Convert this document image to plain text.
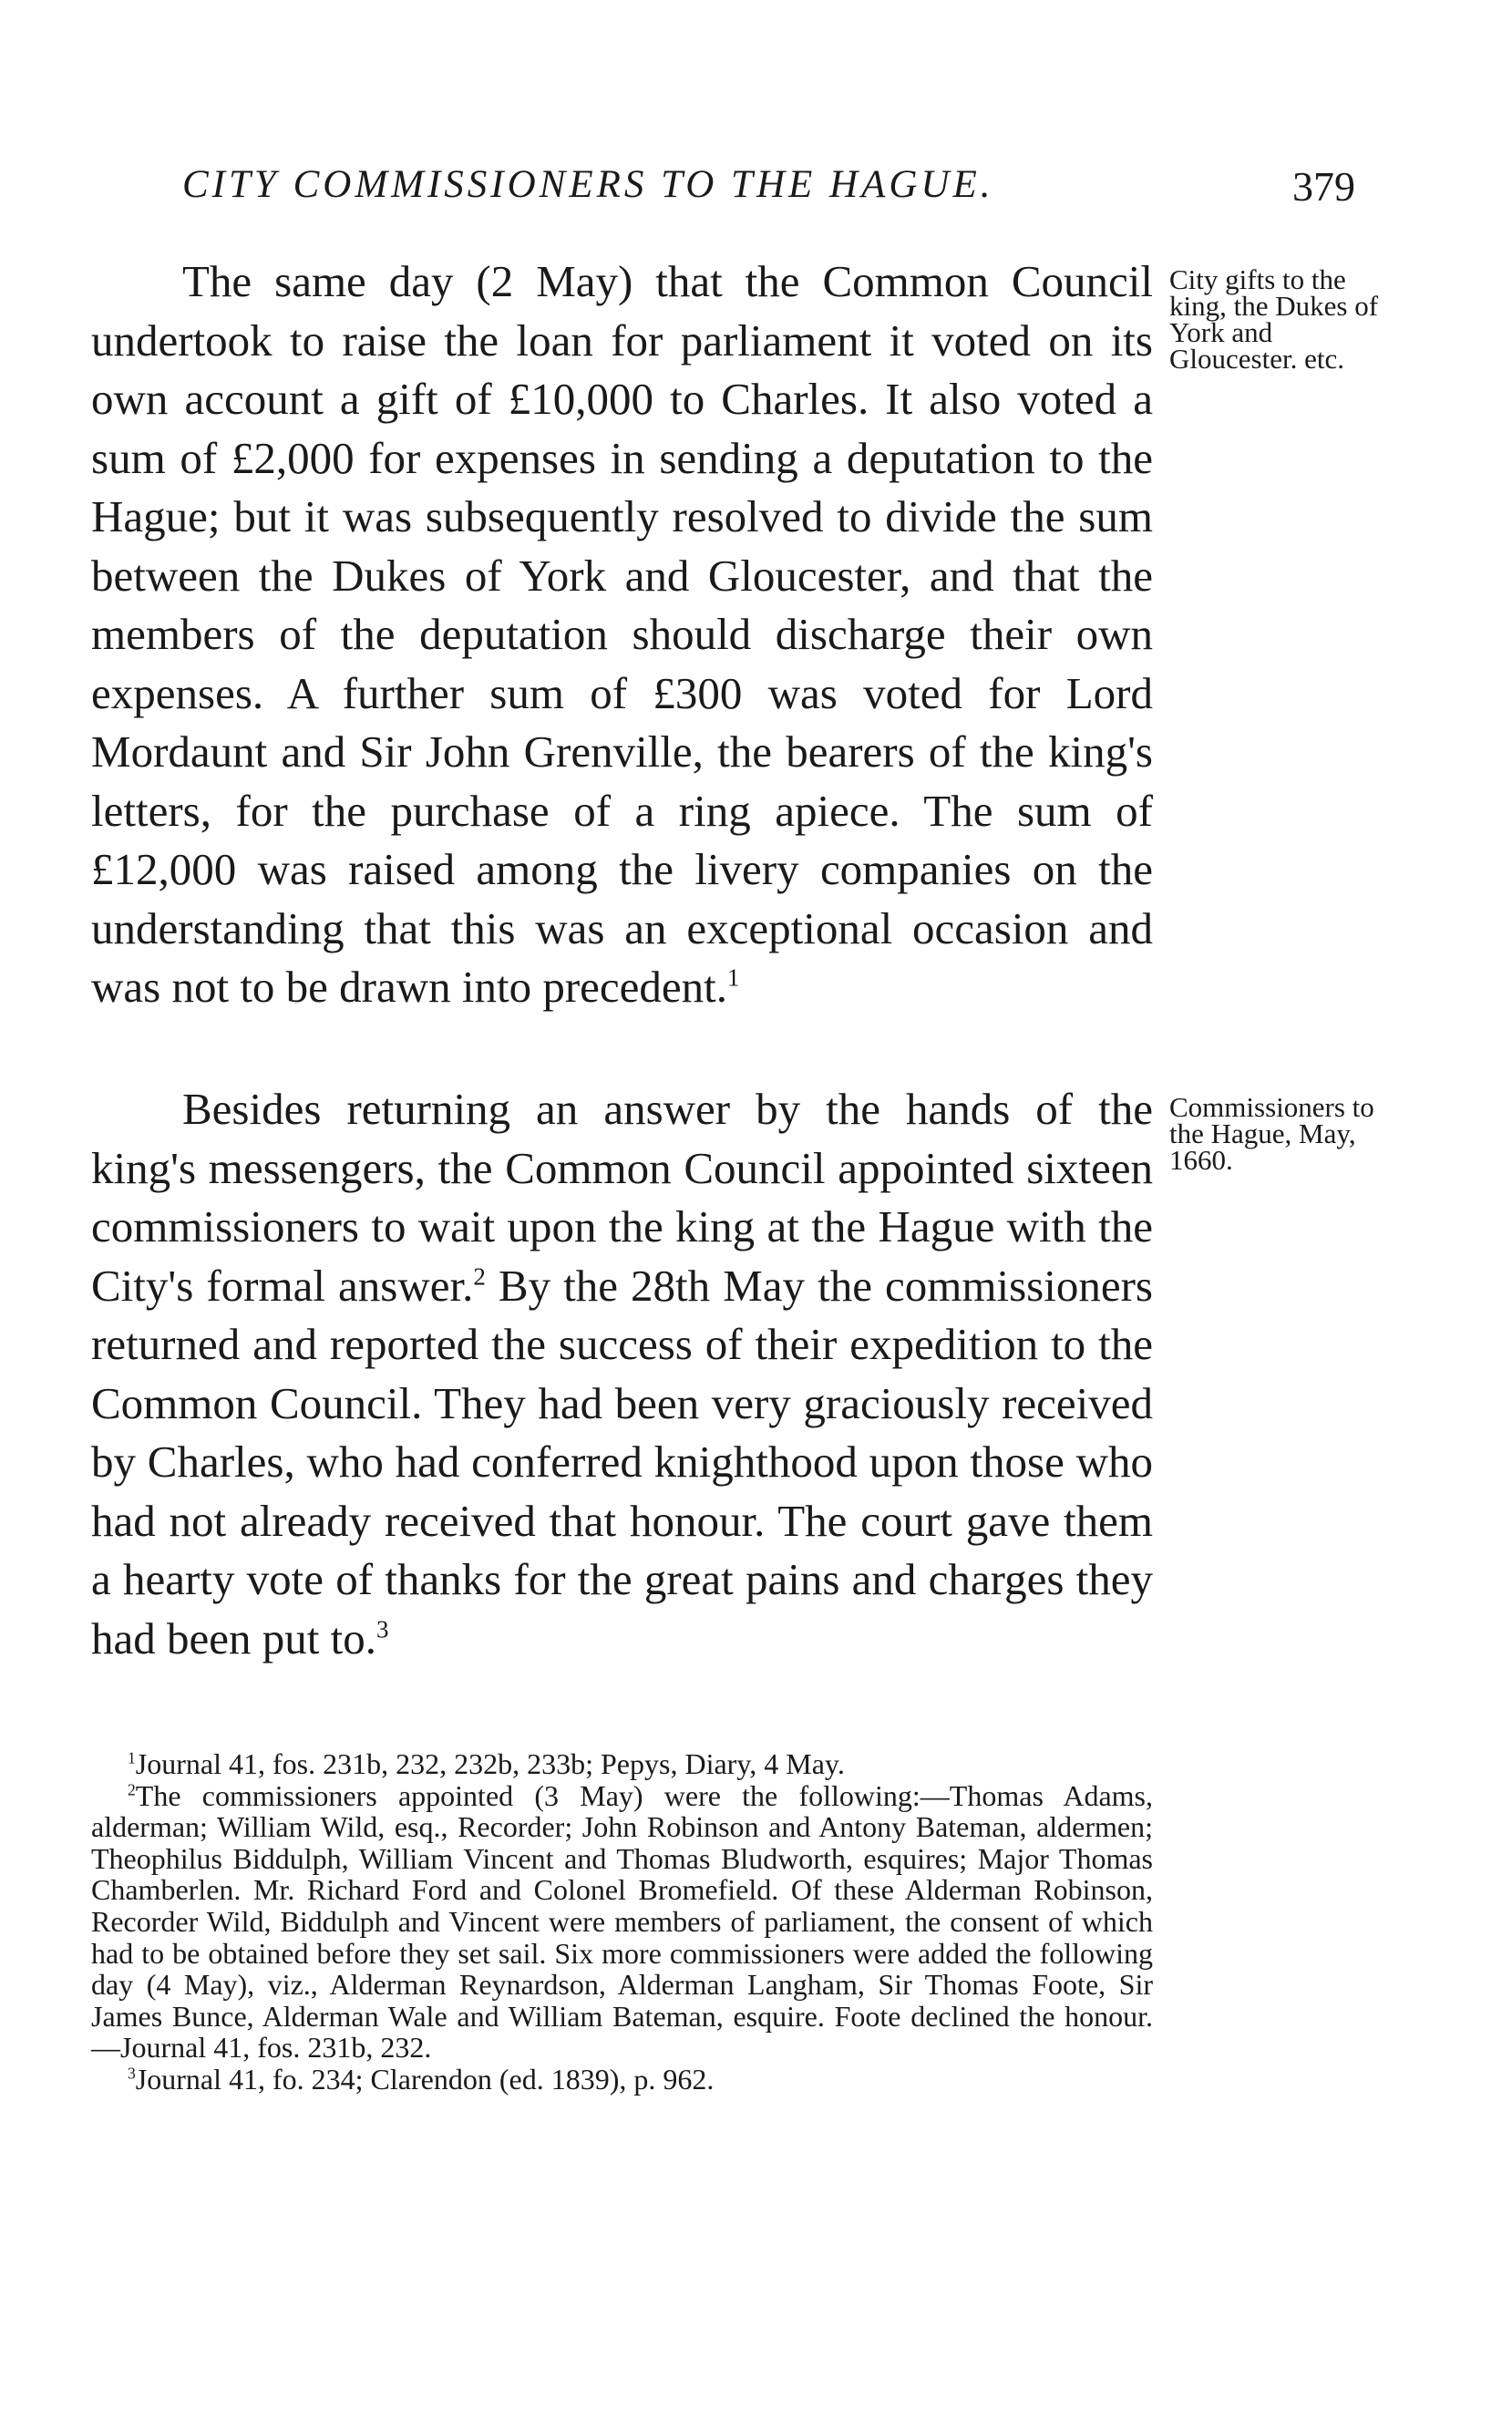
CITY COMMISSIONERS TO THE HAGUE.	379

The same day (2 May) that the Common Council undertook to raise the loan for parliament it voted on its own account a gift of £10,000 to Charles. It also voted a sum of £2,000 for expenses in sending a deputation to the Hague; but it was subsequently resolved to divide the sum between the Dukes of York and Gloucester, and that the members of the deputation should discharge their own expenses. A further sum of £300 was voted for Lord Mordaunt and Sir John Grenville, the bearers of the king's letters, for the purchase of a ring apiece. The sum of £12,000 was raised among the livery companies on the understanding that this was an exceptional occasion and was not to be drawn into precedent.$^1$

City gifts to the king, the Dukes of York and Gloucester. etc.

Besides returning an answer by the hands of the king's messengers, the Common Council appointed sixteen commissioners to wait upon the king at the Hague with the City's formal answer.$^2$ By the 28th May the commissioners returned and reported the success of their expedition to the Common Council. They had been very graciously received by Charles, who had conferred knighthood upon those who had not already received that honour. The court gave them a hearty vote of thanks for the great pains and charges they had been put to.$^3$

Commissioners to the Hague, May, 1660.

$^1$Journal 41, fos. 231b, 232, 232b, 233b; Pepys, Diary, 4 May.

$^2$The commissioners appointed (3 May) were the following:—Thomas Adams, alderman; William Wild, esq., Recorder; John Robinson and Antony Bateman, aldermen; Theophilus Biddulph, William Vincent and Thomas Bludworth, esquires; Major Thomas Chamberlen. Mr. Richard Ford and Colonel Bromefield. Of these Alderman Robinson, Recorder Wild, Biddulph and Vincent were members of parliament, the consent of which had to be obtained before they set sail. Six more commissioners were added the following day (4 May), viz., Alderman Reynardson, Alderman Langham, Sir Thomas Foote, Sir James Bunce, Alderman Wale and William Bateman, esquire. Foote declined the honour.—Journal 41, fos. 231b, 232.

$^3$Journal 41, fo. 234; Clarendon (ed. 1839), p. 962.
